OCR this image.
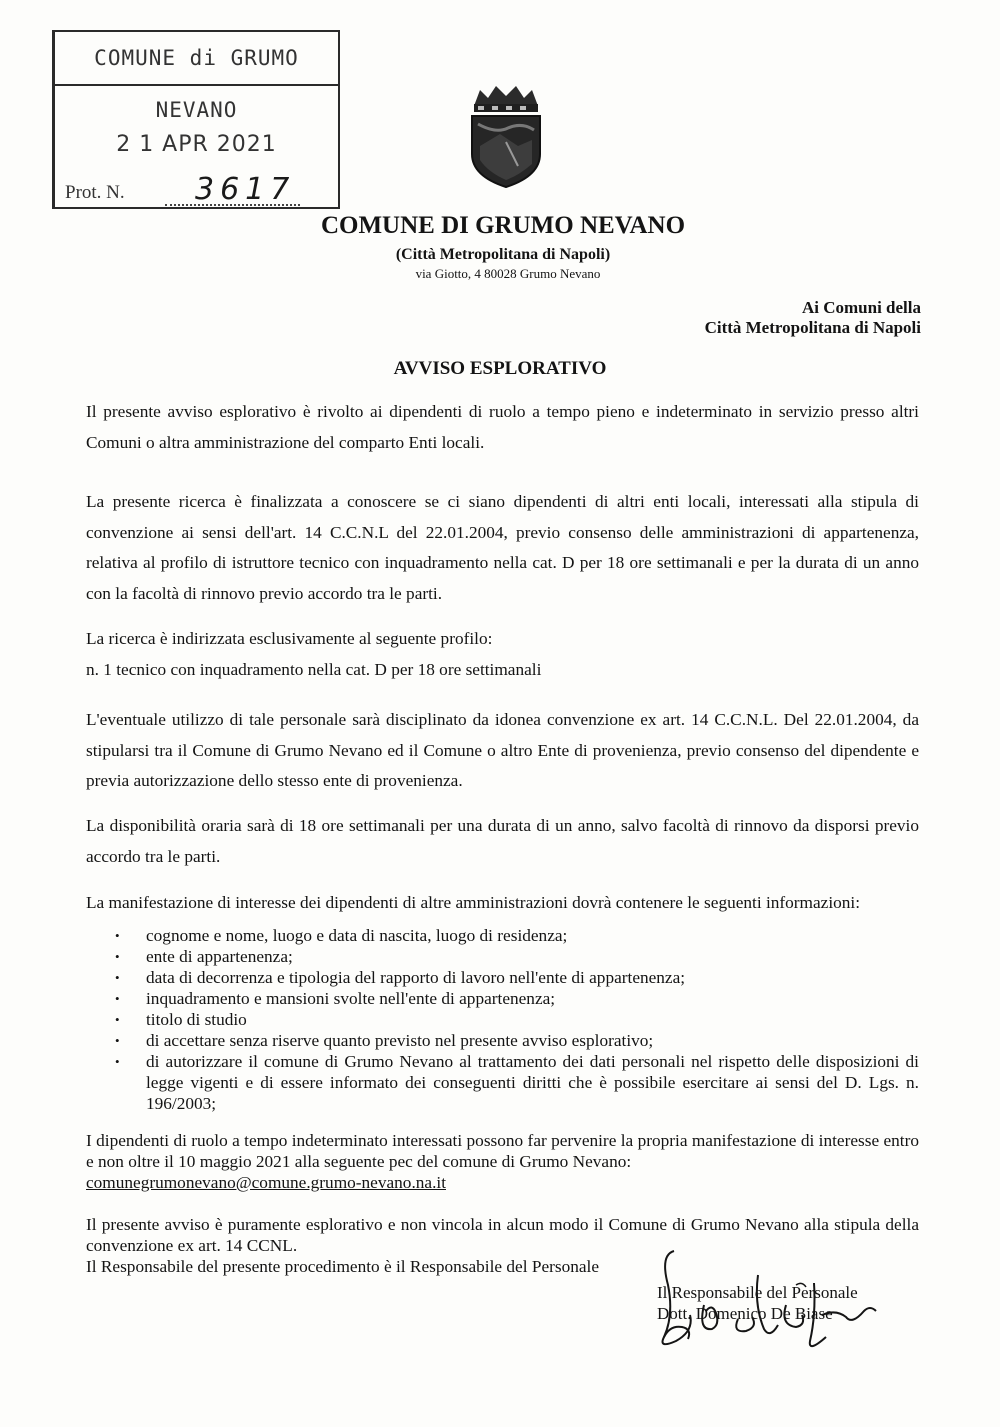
COMUNE di GRUMO NEVANO
2 1 APR 2021
Prot. N. 3617
COMUNE DI GRUMO NEVANO
(Città Metropolitana di Napoli)
via Giotto, 4 80028 Grumo Nevano
Ai Comuni della
Città Metropolitana di Napoli
AVVISO ESPLORATIVO

Il presente avviso esplorativo è rivolto ai dipendenti di ruolo a tempo pieno e indeterminato in servizio presso altri Comuni o altra amministrazione del comparto Enti locali.

La presente ricerca è finalizzata a conoscere se ci siano dipendenti di altri enti locali, interessati alla stipula di convenzione ai sensi dell'art. 14 C.C.N.L del 22.01.2004, previo consenso delle amministrazioni di appartenenza, relativa al profilo di istruttore tecnico con inquadramento nella cat. D per 18 ore settimanali e per la durata di un anno con la facoltà di rinnovo previo accordo tra le parti.

La ricerca è indirizzata esclusivamente al seguente profilo:

n. 1 tecnico con inquadramento nella cat. D per 18 ore settimanali

L'eventuale utilizzo di tale personale sarà disciplinato da idonea convenzione ex art. 14 C.C.N.L. Del 22.01.2004, da stipularsi tra il Comune di Grumo Nevano ed il Comune o altro Ente di provenienza, previo consenso del dipendente e previa autorizzazione dello stesso ente di provenienza.

La disponibilità oraria sarà di 18 ore settimanali per una durata di un anno, salvo facoltà di rinnovo da disporsi previo accordo tra le parti.

La manifestazione di interesse dei dipendenti di altre amministrazioni dovrà contenere le seguenti informazioni:

• cognome e nome, luogo e data di nascita, luogo di residenza;
• ente di appartenenza;
• data di decorrenza e tipologia del rapporto di lavoro nell'ente di appartenenza;
• inquadramento e mansioni svolte nell'ente di appartenenza;
• titolo di studio
• di accettare senza riserve quanto previsto nel presente avviso esplorativo;
• di autorizzare il comune di Grumo Nevano al trattamento dei dati personali nel rispetto delle disposizioni di legge vigenti e di essere informato dei conseguenti diritti che è possibile esercitare ai sensi del D. Lgs. n. 196/2003;

I dipendenti di ruolo a tempo indeterminato interessati possono far pervenire la propria manifestazione di interesse entro e non oltre il 10 maggio 2021 alla seguente pec del comune di Grumo Nevano:

comunegrumonevano@comune.grumo-nevano.na.it

Il presente avviso è puramente esplorativo e non vincola in alcun modo il Comune di Grumo Nevano alla stipula della convenzione ex art. 14 CCNL.

Il Responsabile del presente procedimento è il Responsabile del Personale

Il Responsabile del Personale
Dott. Domenico De Biase
